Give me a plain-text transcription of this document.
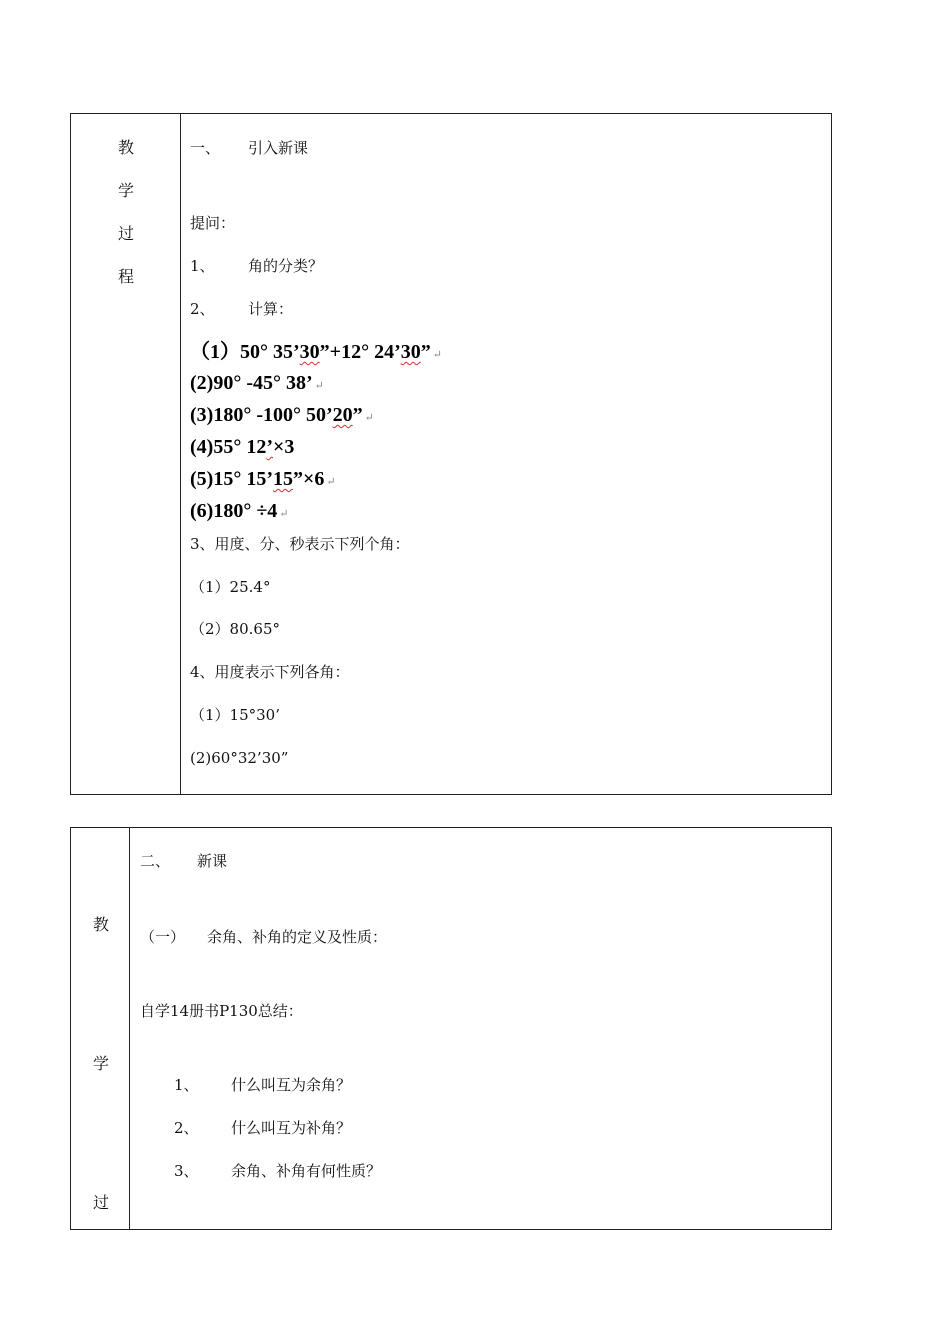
教
学
过
程
一、 引入新课
提问：
1、 角的分类？
2、 计算：
（1）50° 35’30”+12° 24’30” ↵
(2)90° -45° 38’ ↵
(3)180° -100° 50’20” ↵
(4)55° 12’×3
(5)15° 15’15”×6 ↵
(6)180° ÷4 ↵
3、用度、分、秒表示下列个角：
（1）25.4°
（2）80.65°
4、用度表示下列各角：
（1）15°30’
(2)60°32’30”
教
学
过
二、 新课
（一） 余角、补角的定义及性质：
自学14册书P130总结：
1、 什么叫互为余角？
2、 什么叫互为补角？
3、 余角、补角有何性质？
